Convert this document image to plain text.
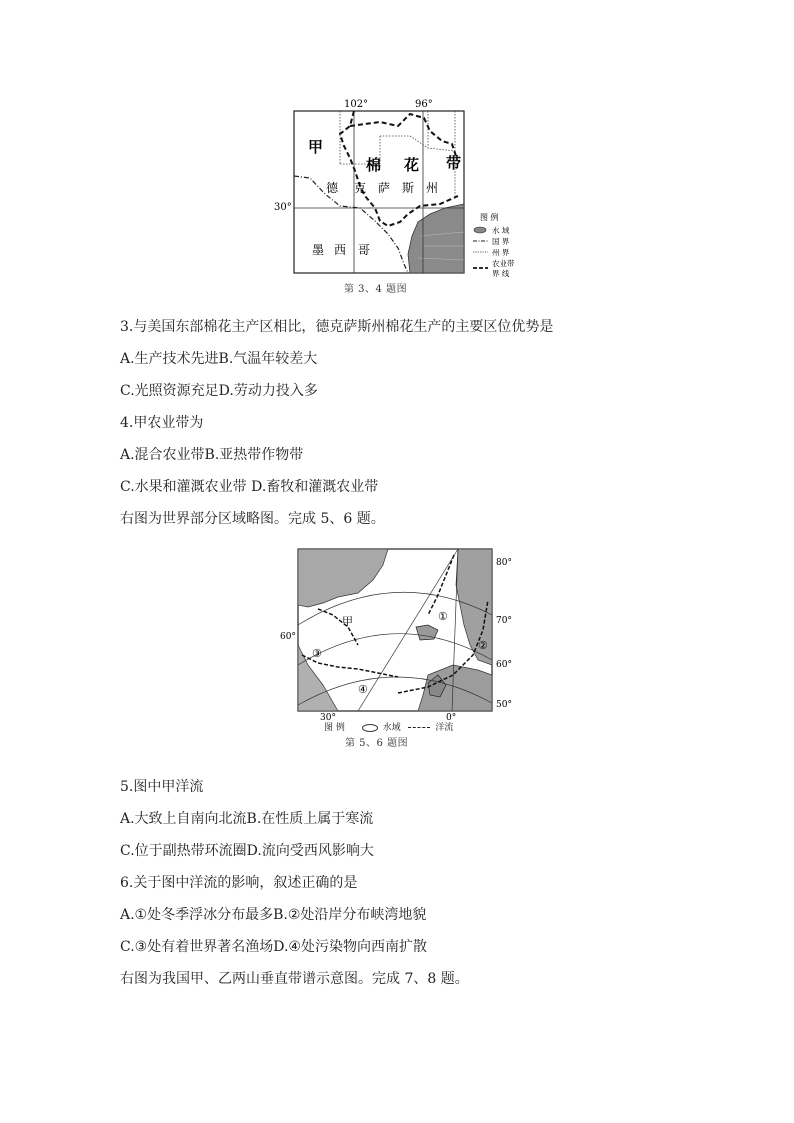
102°	96°
30°
甲
棉 花 带
德 克 萨 斯 州
墨 西 哥
图 例
水 域
国 界
州 界
农业带
界 线
第 3、4 题图
3.与美国东部棉花主产区相比，德克萨斯州棉花生产的主要区位优势是
A.生产技术先进B.气温年较差大
C.光照资源充足D.劳动力投入多
4.甲农业带为
A.混合农业带B.亚热带作物带
C.水果和灌溉农业带 D.畜牧和灌溉农业带
右图为世界部分区域略图。完成 5、6 题。
甲	①
②
③
④
80°
70°
60°
50°
60°
30°	0°
图 例	水域	洋流
第 5、6 题图
5.图中甲洋流
A.大致上自南向北流B.在性质上属于寒流
C.位于副热带环流圈D.流向受西风影响大
6.关于图中洋流的影响，叙述正确的是
A.①处冬季浮冰分布最多B.②处沿岸分布峡湾地貌
C.③处有着世界著名渔场D.④处污染物向西南扩散
右图为我国甲、乙两山垂直带谱示意图。完成 7、8 题。
